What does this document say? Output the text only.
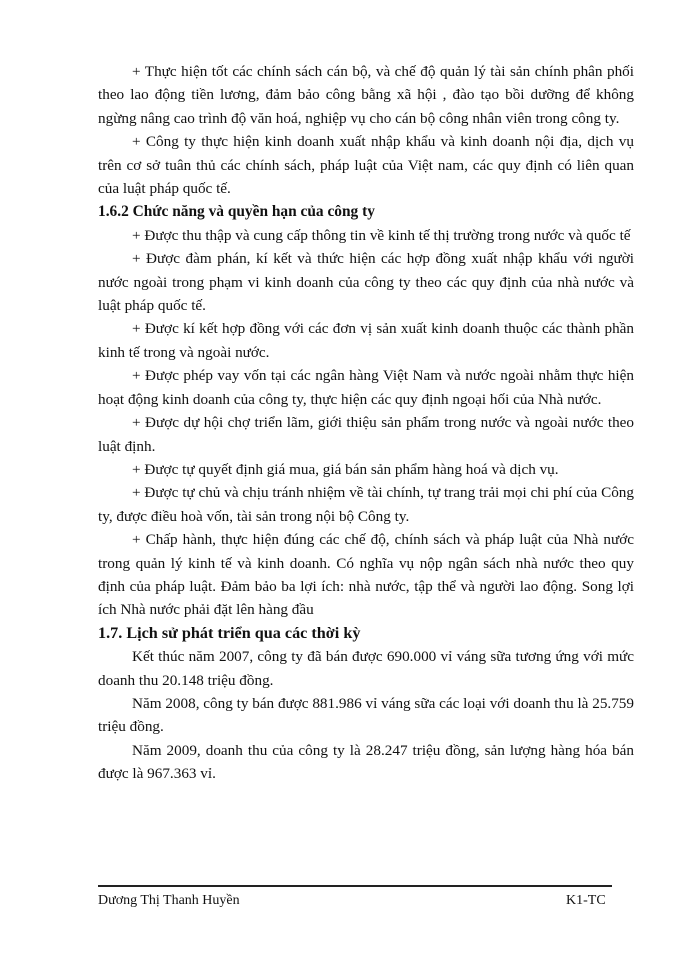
+ Thực hiện tốt các chính sách cán bộ, và chế độ quản lý tài sản chính phân phối theo lao động tiền lương, đảm bảo công bằng xã hội , đào tạo bồi dưỡng để không ngừng nâng cao trình độ văn hoá, nghiệp vụ cho cán bộ công nhân viên trong công ty.

+ Công ty thực hiện kinh doanh xuất nhập khẩu và kinh doanh nội địa, dịch vụ trên cơ sở tuân thủ các chính sách, pháp luật của Việt nam, các quy định có liên quan của luật pháp quốc tế.

1.6.2 Chức năng và quyền hạn của công ty

+ Được thu thập và cung cấp thông tin về kinh tế thị trường trong nước và quốc tế

+ Được đàm phán, kí kết và thức hiện các hợp đồng xuất nhập khẩu với người nước ngoài trong phạm vi kinh doanh của công ty theo các quy định của nhà nước và luật pháp quốc tế.

+ Được kí kết hợp đồng với các đơn vị sản xuất kinh doanh thuộc các thành phần kinh tế trong và ngoài nước.

+ Được phép vay vốn tại các ngân hàng Việt Nam và nước ngoài nhằm thực hiện hoạt động kinh doanh của công ty, thực hiện các quy định ngoại hối của Nhà nước.

+ Được dự hội chợ triển lãm, giới thiệu sản phẩm trong nước và ngoài nước theo luật định.

+ Được tự quyết định giá mua, giá bán sản phẩm hàng hoá và dịch vụ.

+ Được tự chủ và chịu tránh nhiệm về tài chính, tự trang trải mọi chi phí của Công ty, được điều hoà vốn, tài sản trong nội bộ Công ty.

+ Chấp hành, thực hiện đúng các chế độ, chính sách và pháp luật của Nhà nước trong quản lý kinh tế và kinh doanh. Có nghĩa vụ nộp ngân sách nhà nước theo quy định của pháp luật. Đảm bảo ba lợi ích: nhà nước, tập thể và người lao động. Song lợi ích Nhà nước phải đặt lên hàng đầu

1.7. Lịch sử phát triển qua các thời kỳ

Kết thúc năm 2007, công ty đã bán được 690.000 vỉ váng sữa tương ứng với mức doanh thu 20.148 triệu đồng.

Năm 2008, công ty bán được 881.986 vỉ váng sữa các loại với doanh thu là 25.759 triệu đồng.

Năm 2009, doanh thu của công ty là 28.247 triệu đồng, sản lượng hàng hóa bán được là 967.363 vỉ.

Dương Thị Thanh Huyền	K1-TC
